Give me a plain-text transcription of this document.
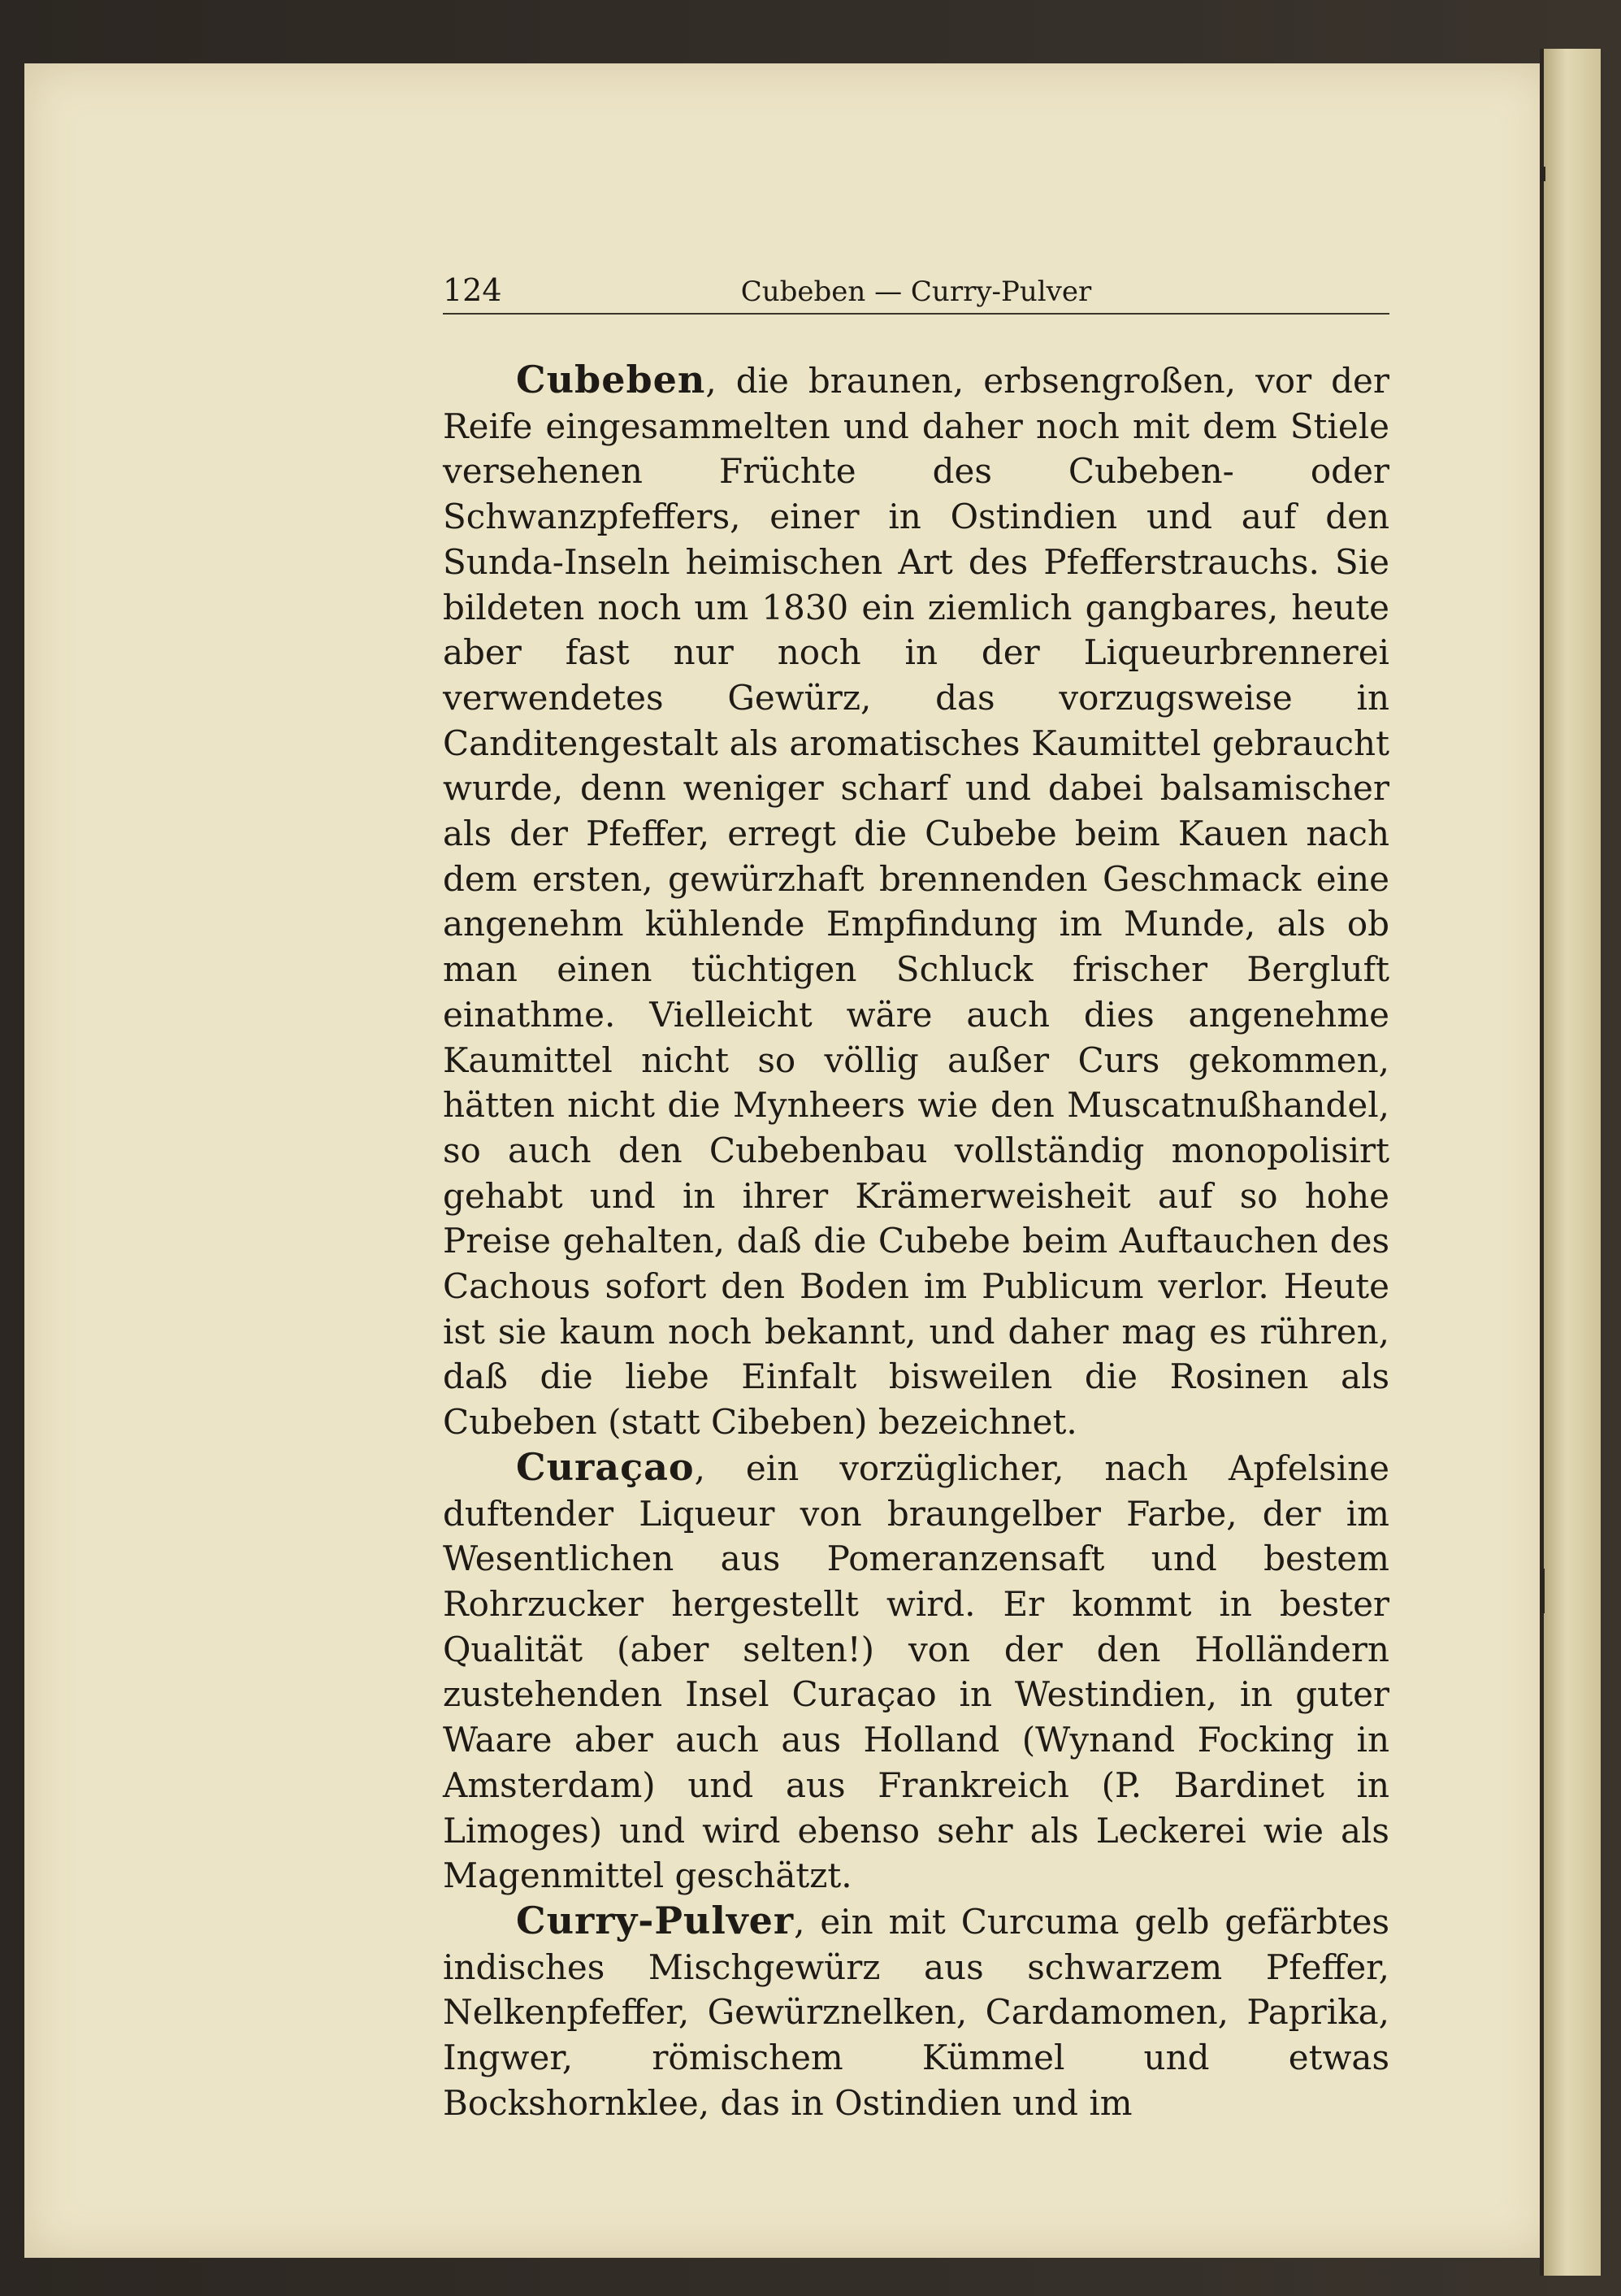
124	Cubeben — Curry-Pulver

Cubeben, die braunen, erbsengroßen, vor der Reife eingesammelten und daher noch mit dem Stiele versehenen Früchte des Cubeben- oder Schwanzpfeffers, einer in Ostindien und auf den Sunda-Inseln heimischen Art des Pfefferstrauchs. Sie bildeten noch um 1830 ein ziemlich gangbares, heute aber fast nur noch in der Liqueurbrennerei verwendetes Gewürz, das vorzugsweise in Canditengestalt als aromatisches Kaumittel gebraucht wurde, denn weniger scharf und dabei balsamischer als der Pfeffer, erregt die Cubebe beim Kauen nach dem ersten, gewürzhaft brennenden Geschmack eine angenehm kühlende Empfindung im Munde, als ob man einen tüchtigen Schluck frischer Bergluft einathme. Vielleicht wäre auch dies angenehme Kaumittel nicht so völlig außer Curs gekommen, hätten nicht die Mynheers wie den Muscatnußhandel, so auch den Cubebenbau vollständig monopolisirt gehabt und in ihrer Krämerweisheit auf so hohe Preise gehalten, daß die Cubebe beim Auftauchen des Cachous sofort den Boden im Publicum verlor. Heute ist sie kaum noch bekannt, und daher mag es rühren, daß die liebe Einfalt bisweilen die Rosinen als Cubeben (statt Cibeben) bezeichnet.

Curaçao, ein vorzüglicher, nach Apfelsine duftender Liqueur von braungelber Farbe, der im Wesentlichen aus Pomeranzensaft und bestem Rohrzucker hergestellt wird. Er kommt in bester Qualität (aber selten!) von der den Holländern zustehenden Insel Curaçao in Westindien, in guter Waare aber auch aus Holland (Wynand Focking in Amsterdam) und aus Frankreich (P. Bardinet in Limoges) und wird ebenso sehr als Leckerei wie als Magenmittel geschätzt.

Curry-Pulver, ein mit Curcuma gelb gefärbtes indisches Mischgewürz aus schwarzem Pfeffer, Nelkenpfeffer, Gewürznelken, Cardamomen, Paprika, Ingwer, römischem Kümmel und etwas Bockshornklee, das in Ostindien und im
